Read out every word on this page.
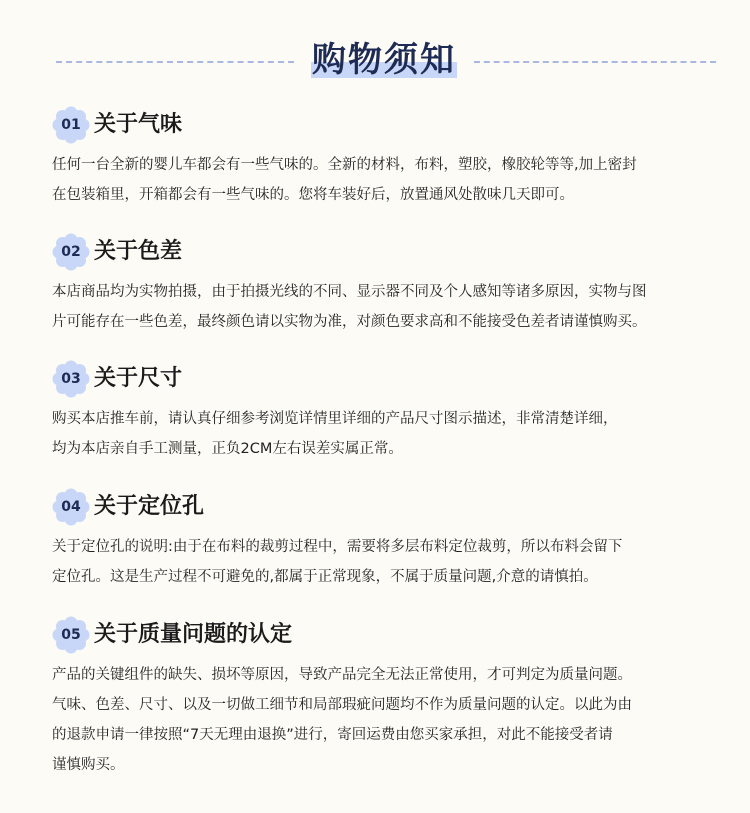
购物须知
01 关于气味
任何一台全新的婴儿车都会有一些气味的。全新的材料，布料，塑胶，橡胶轮等等,加上密封
在包装箱里，开箱都会有一些气味的。您将车装好后，放置通风处散味几天即可。
02 关于色差
本店商品均为实物拍摄，由于拍摄光线的不同、显示器不同及个人感知等诸多原因，实物与图
片可能存在一些色差，最终颜色请以实物为准，对颜色要求高和不能接受色差者请谨慎购买。
03 关于尺寸
购买本店推车前，请认真仔细参考浏览详情里详细的产品尺寸图示描述，非常清楚详细，
均为本店亲自手工测量，正负2CM左右误差实属正常。
04 关于定位孔
关于定位孔的说明:由于在布料的裁剪过程中，需要将多层布料定位裁剪，所以布料会留下
定位孔。这是生产过程不可避免的,都属于正常现象，不属于质量问题,介意的请慎拍。
05 关于质量问题的认定
产品的关键组件的缺失、损坏等原因，导致产品完全无法正常使用，才可判定为质量问题。
气味、色差、尺寸、以及一切做工细节和局部瑕疵问题均不作为质量问题的认定。以此为由
的退款申请一律按照“7天无理由退换”进行，寄回运费由您买家承担，对此不能接受者请
谨慎购买。
